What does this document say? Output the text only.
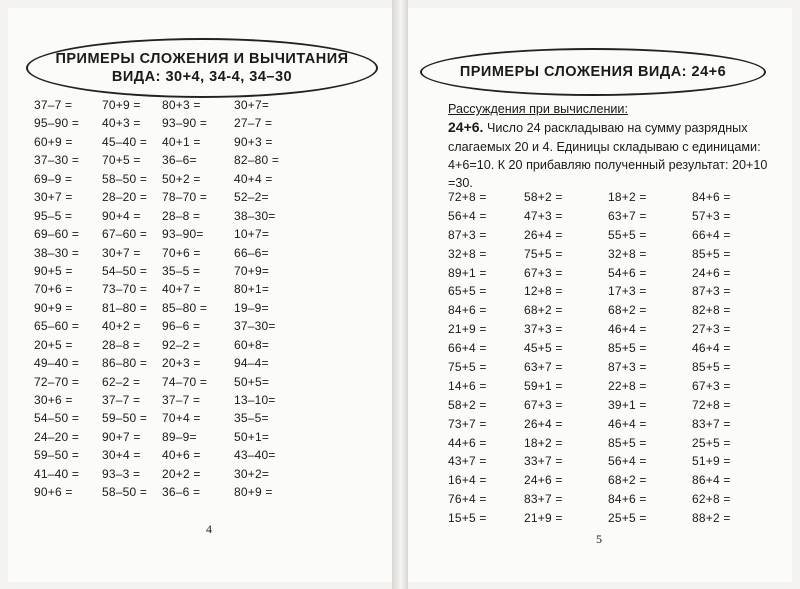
ПРИМЕРЫ СЛОЖЕНИЯ И ВЫЧИТАНИЯ
ВИДА: 30+4, 34-4, 34–30
37–7 =	70+9 =	80+3 =	30+7=
95–90 =	40+3 =	93–90 =	27–7 =
60+9 =	45–40 =	40+1 =	90+3 =
37–30 =	70+5 =	36–6=	82–80 =
69–9 =	58–50 =	50+2 =	40+4 =
30+7 =	28–20 =	78–70 =	52–2=
95–5 =	90+4 =	28–8 =	38–30=
69–60 =	67–60 =	93–90=	10+7=
38–30 =	30+7 =	70+6 =	66–6=
90+5 =	54–50 =	35–5 =	70+9=
70+6 =	73–70 =	40+7 =	80+1=
90+9 =	81–80 =	85–80 =	19–9=
65–60 =	40+2 =	96–6 =	37–30=
20+5 =	28–8 =	92–2 =	60+8=
49–40 =	86–80 =	20+3 =	94–4=
72–70 =	62–2 =	74–70 =	50+5=
30+6 =	37–7 =	37–7 =	13–10=
54–50 =	59–50 =	70+4 =	35–5=
24–20 =	90+7 =	89–9=	50+1=
59–50 =	30+4 =	40+6 =	43–40=
41–40 =	93–3 =	20+2 =	30+2=
90+6 =	58–50 =	36–6 =	80+9 =
4
ПРИМЕРЫ СЛОЖЕНИЯ ВИДА: 24+6
Рассуждения при вычислении:
24+6. Число 24 раскладываю на сумму разрядных слагаемых 20 и 4. Единицы складываю с единицами: 4+6=10. К 20 прибавляю полученный результат: 20+10 =30.
72+8 =	58+2 =	18+2 =	84+6 =
56+4 =	47+3 =	63+7 =	57+3 =
87+3 =	26+4 =	55+5 =	66+4 =
32+8 =	75+5 =	32+8 =	85+5 =
89+1 =	67+3 =	54+6 =	24+6 =
65+5 =	12+8 =	17+3 =	87+3 =
84+6 =	68+2 =	68+2 =	82+8 =
21+9 =	37+3 =	46+4 =	27+3 =
66+4 =	45+5 =	85+5 =	46+4 =
75+5 =	63+7 =	87+3 =	85+5 =
14+6 =	59+1 =	22+8 =	67+3 =
58+2 =	67+3 =	39+1 =	72+8 =
73+7 =	26+4 =	46+4 =	83+7 =
44+6 =	18+2 =	85+5 =	25+5 =
43+7 =	33+7 =	56+4 =	51+9 =
16+4 =	24+6 =	68+2 =	86+4 =
76+4 =	83+7 =	84+6 =	62+8 =
15+5 =	21+9 =	25+5 =	88+2 =
5
